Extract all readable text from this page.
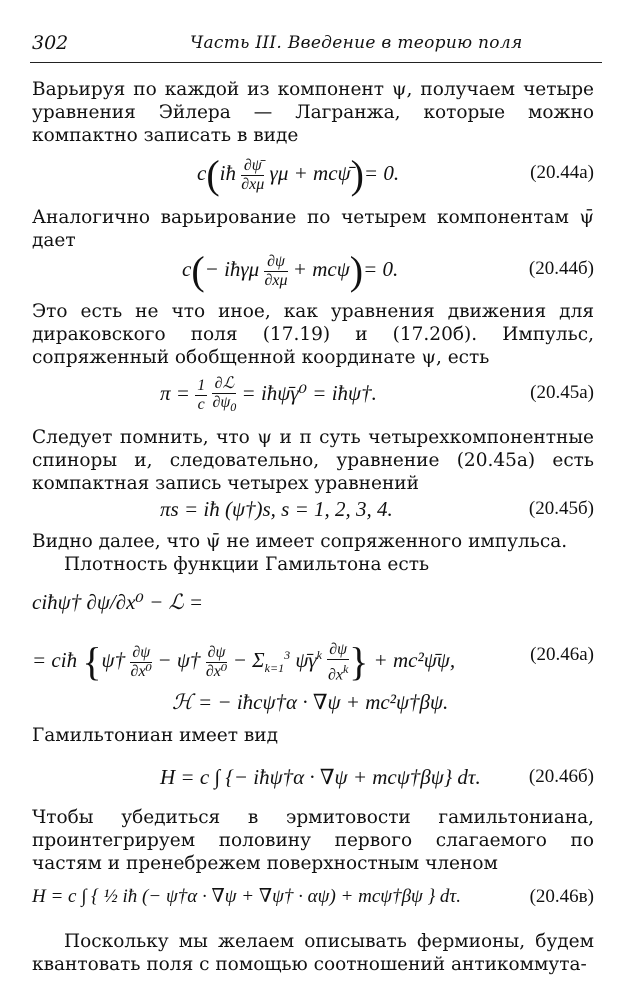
302	Часть III. Введение в теорию поля
Варьируя по каждой из компонент ψ, получаем четыре уравнения Эйлера — Лагранжа, которые можно компактно записать в виде
c(iħ $\frac{\partial\psī}{\partial x\mu}$ γμ + mcψ̄)= 0.	(20.44а)
Аналогично варьирование по четырем компонентам ψ̄ дает
c(− iħγμ $\frac{\partial\psi}{\partial x\mu} + mc\psi)= 0$.	(20.44б)
Это есть не что иное, как уравнения движения для дираковского поля (17.19) и (17.20б). Импульс, сопряженный обобщенной координате ψ, есть
$\pi = \frac{1}{c}$
∂ℒ
$\partial\psi_0$
= iħψ̄γ⁰ = iħψ†.	(20.45а)
Следует помнить, что ψ и π суть четырехкомпонентные спиноры и, следовательно, уравнение (20.45а) есть компактная запись четырех уравнений
πs = iħ (ψ†)s, s = 1, 2, 3, 4.	(20.45б)
Видно далее, что ψ̄ не имеет сопряженного импульса.
Плотность функции Гамильтона есть
ciħψ† ∂ψ/∂x⁰ − ℒ =
= ciħ {ψ† $\frac{\partial\psi}{\text{∂x⁰}}$ − ψ† $\frac{\partial\psi}{\text{∂x⁰}} - \Sigma_{k=1}^3$ $\psī\gamma^k \frac{\partial\psi}{\partial x^k}$ } + mc²ψ̄ψ,	(20.46а)
ℋ = − iħcψ†α · ∇ψ + mc²ψ†βψ.
Гамильтониан имеет вид
H = c ∫ {− iħψ†α · ∇ψ + mcψ†βψ} dτ.	(20.46б)
Чтобы убедиться в эрмитовости гамильтониана, проинтегрируем половину первого слагаемого по частям и пренебрежем поверхностным членом
H = c ∫ { ½ iħ (− ψ†α · ∇ψ + ∇ψ† · αψ) + mcψ†βψ } dτ.	(20.46в)
Поскольку мы желаем описывать фермионы, будем квантовать поля с помощью соотношений антикоммута-
